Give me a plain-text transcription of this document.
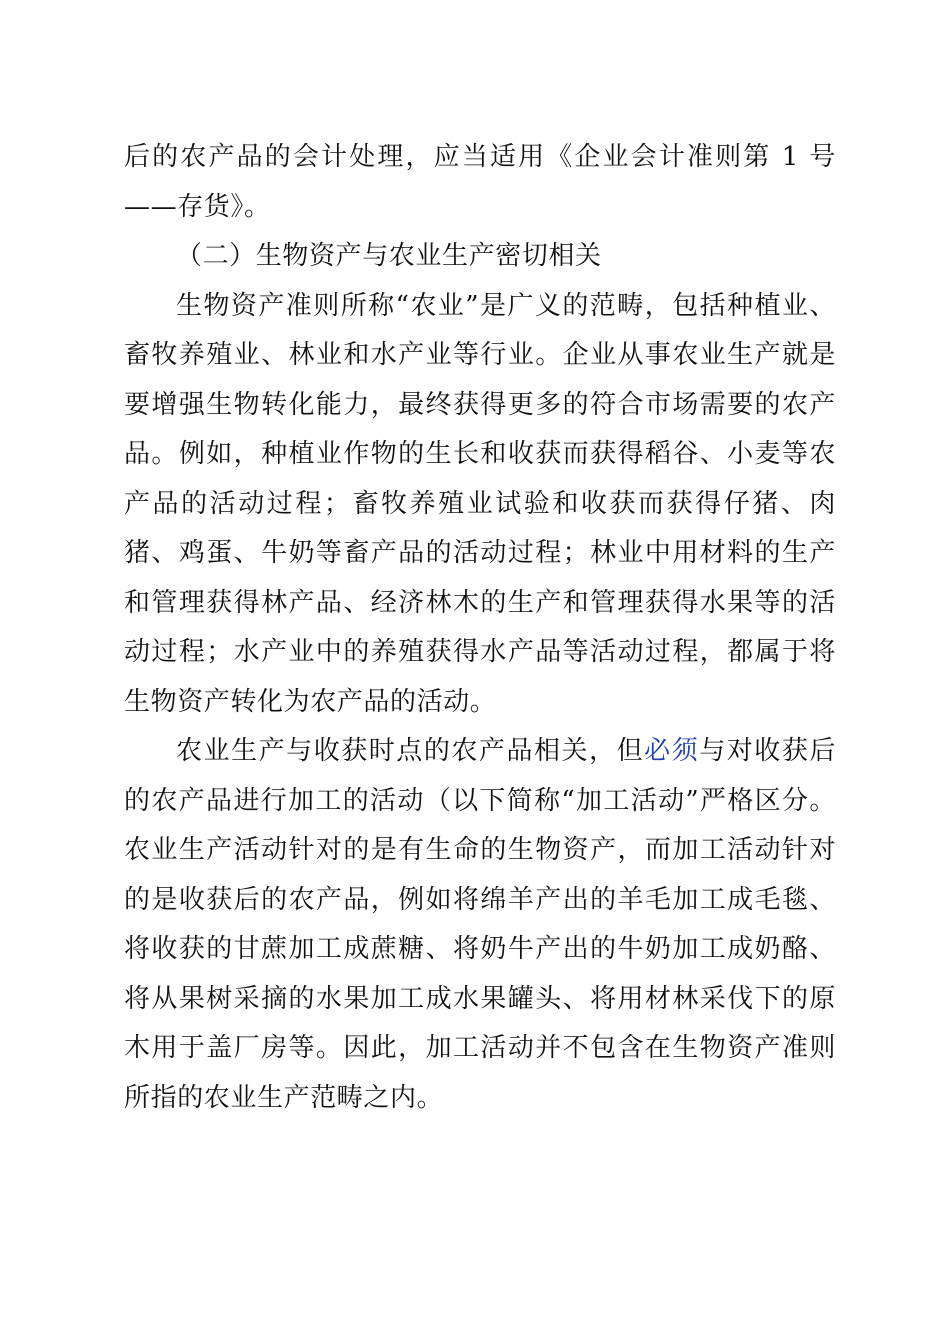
后的农产品的会计处理，应当适用《企业会计准则第 1 号——存货》。

（二）生物资产与农业生产密切相关

生物资产准则所称“农业”是广义的范畴，包括种植业、畜牧养殖业、林业和水产业等行业。企业从事农业生产就是要增强生物转化能力，最终获得更多的符合市场需要的农产品。例如，种植业作物的生长和收获而获得稻谷、小麦等农产品的活动过程；畜牧养殖业试验和收获而获得仔猪、肉猪、鸡蛋、牛奶等畜产品的活动过程；林业中用材料的生产和管理获得林产品、经济林木的生产和管理获得水果等的活动过程；水产业中的养殖获得水产品等活动过程，都属于将生物资产转化为农产品的活动。

农业生产与收获时点的农产品相关，但必须与对收获后的农产品进行加工的活动（以下简称“加工活动”严格区分。农业生产活动针对的是有生命的生物资产，而加工活动针对的是收获后的农产品，例如将绵羊产出的羊毛加工成毛毯、将收获的甘蔗加工成蔗糖、将奶牛产出的牛奶加工成奶酪、将从果树采摘的水果加工成水果罐头、将用材林采伐下的原木用于盖厂房等。因此，加工活动并不包含在生物资产准则所指的农业生产范畴之内。
